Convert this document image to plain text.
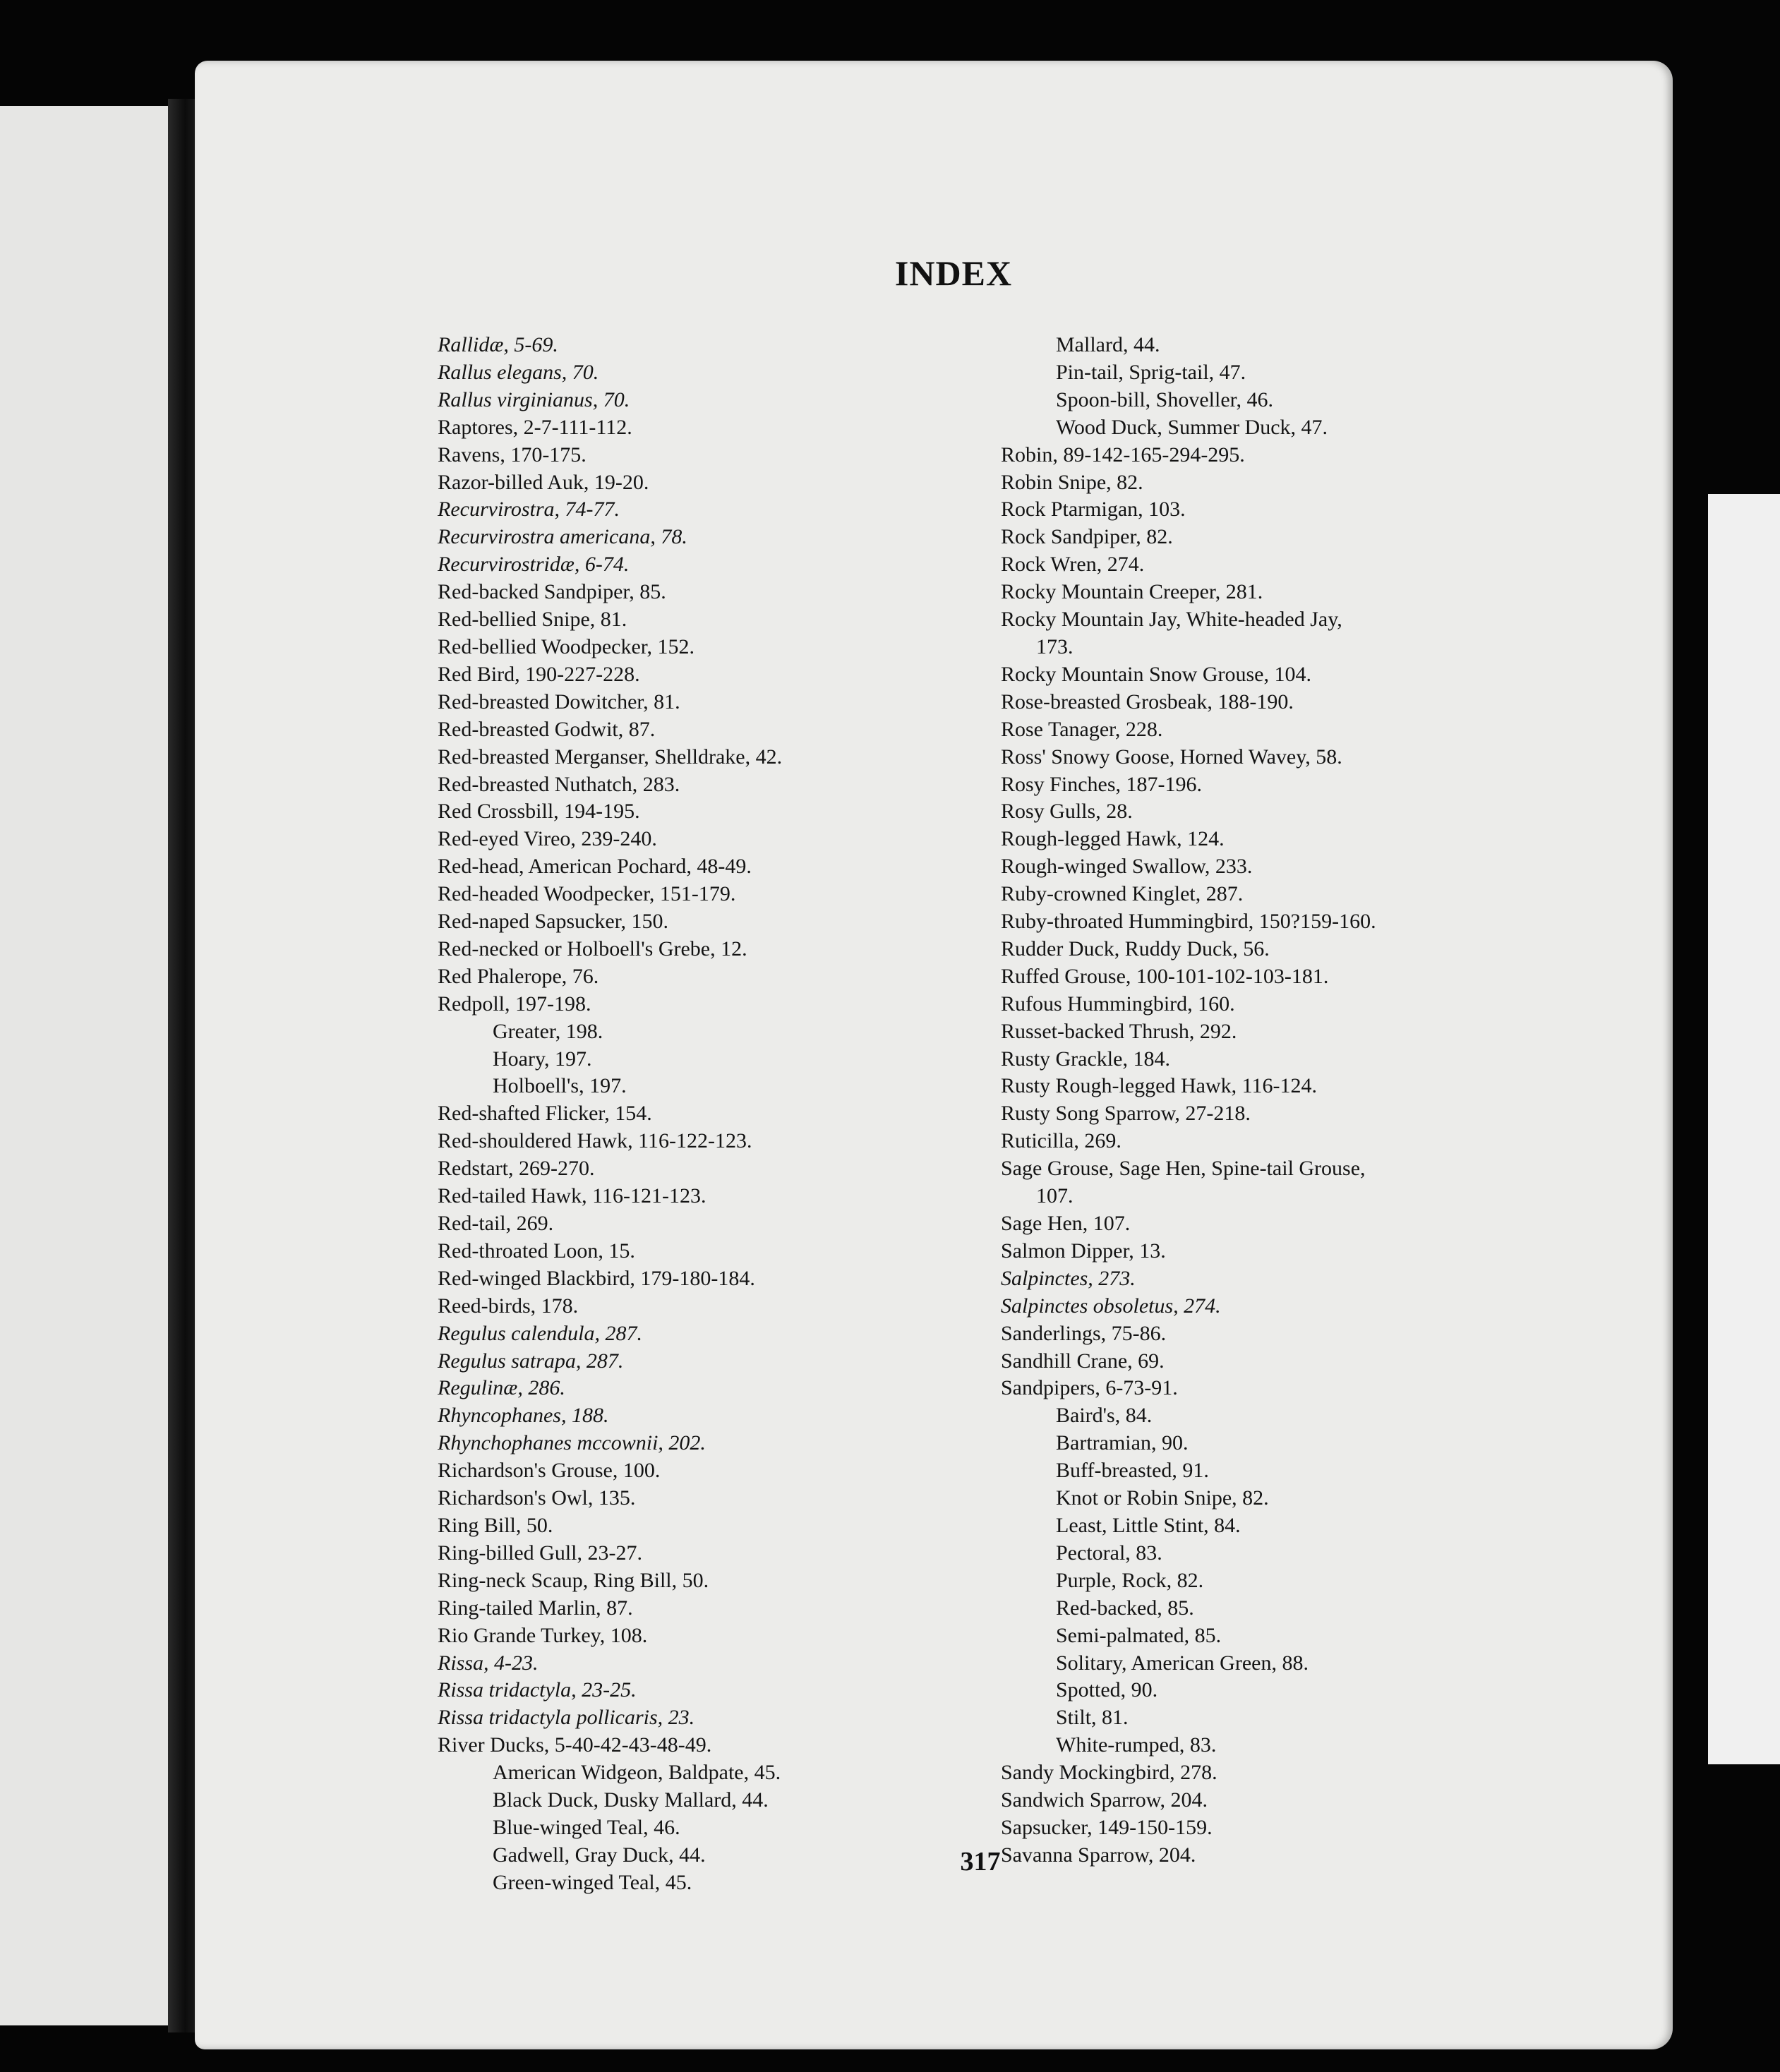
INDEX
Rallidæ, 5-69.
Rallus elegans, 70.
Rallus virginianus, 70.
Raptores, 2-7-111-112.
Ravens, 170-175.
Razor-billed Auk, 19-20.
Recurvirostra, 74-77.
Recurvirostra americana, 78.
Recurvirostridæ, 6-74.
Red-backed Sandpiper, 85.
Red-bellied Snipe, 81.
Red-bellied Woodpecker, 152.
Red Bird, 190-227-228.
Red-breasted Dowitcher, 81.
Red-breasted Godwit, 87.
Red-breasted Merganser, Shelldrake, 42.
Red-breasted Nuthatch, 283.
Red Crossbill, 194-195.
Red-eyed Vireo, 239-240.
Red-head, American Pochard, 48-49.
Red-headed Woodpecker, 151-179.
Red-naped Sapsucker, 150.
Red-necked or Holboell's Grebe, 12.
Red Phalerope, 76.
Redpoll, 197-198.
Greater, 198.
Hoary, 197.
Holboell's, 197.
Red-shafted Flicker, 154.
Red-shouldered Hawk, 116-122-123.
Redstart, 269-270.
Red-tailed Hawk, 116-121-123.
Red-tail, 269.
Red-throated Loon, 15.
Red-winged Blackbird, 179-180-184.
Reed-birds, 178.
Regulus calendula, 287.
Regulus satrapa, 287.
Regulinæ, 286.
Rhyncophanes, 188.
Rhynchophanes mccownii, 202.
Richardson's Grouse, 100.
Richardson's Owl, 135.
Ring Bill, 50.
Ring-billed Gull, 23-27.
Ring-neck Scaup, Ring Bill, 50.
Ring-tailed Marlin, 87.
Rio Grande Turkey, 108.
Rissa, 4-23.
Rissa tridactyla, 23-25.
Rissa tridactyla pollicaris, 23.
River Ducks, 5-40-42-43-48-49.
American Widgeon, Baldpate, 45.
Black Duck, Dusky Mallard, 44.
Blue-winged Teal, 46.
Gadwell, Gray Duck, 44.
Green-winged Teal, 45.
Mallard, 44.
Pin-tail, Sprig-tail, 47.
Spoon-bill, Shoveller, 46.
Wood Duck, Summer Duck, 47.
Robin, 89-142-165-294-295.
Robin Snipe, 82.
Rock Ptarmigan, 103.
Rock Sandpiper, 82.
Rock Wren, 274.
Rocky Mountain Creeper, 281.
Rocky Mountain Jay, White-headed Jay,
173.
Rocky Mountain Snow Grouse, 104.
Rose-breasted Grosbeak, 188-190.
Rose Tanager, 228.
Ross' Snowy Goose, Horned Wavey, 58.
Rosy Finches, 187-196.
Rosy Gulls, 28.
Rough-legged Hawk, 124.
Rough-winged Swallow, 233.
Ruby-crowned Kinglet, 287.
Ruby-throated Hummingbird, 150?159-160.
Rudder Duck, Ruddy Duck, 56.
Ruffed Grouse, 100-101-102-103-181.
Rufous Hummingbird, 160.
Russet-backed Thrush, 292.
Rusty Grackle, 184.
Rusty Rough-legged Hawk, 116-124.
Rusty Song Sparrow, 27-218.
Ruticilla, 269.
Sage Grouse, Sage Hen, Spine-tail Grouse,
107.
Sage Hen, 107.
Salmon Dipper, 13.
Salpinctes, 273.
Salpinctes obsoletus, 274.
Sanderlings, 75-86.
Sandhill Crane, 69.
Sandpipers, 6-73-91.
Baird's, 84.
Bartramian, 90.
Buff-breasted, 91.
Knot or Robin Snipe, 82.
Least, Little Stint, 84.
Pectoral, 83.
Purple, Rock, 82.
Red-backed, 85.
Semi-palmated, 85.
Solitary, American Green, 88.
Spotted, 90.
Stilt, 81.
White-rumped, 83.
Sandy Mockingbird, 278.
Sandwich Sparrow, 204.
Sapsucker, 149-150-159.
Savanna Sparrow, 204.
317
